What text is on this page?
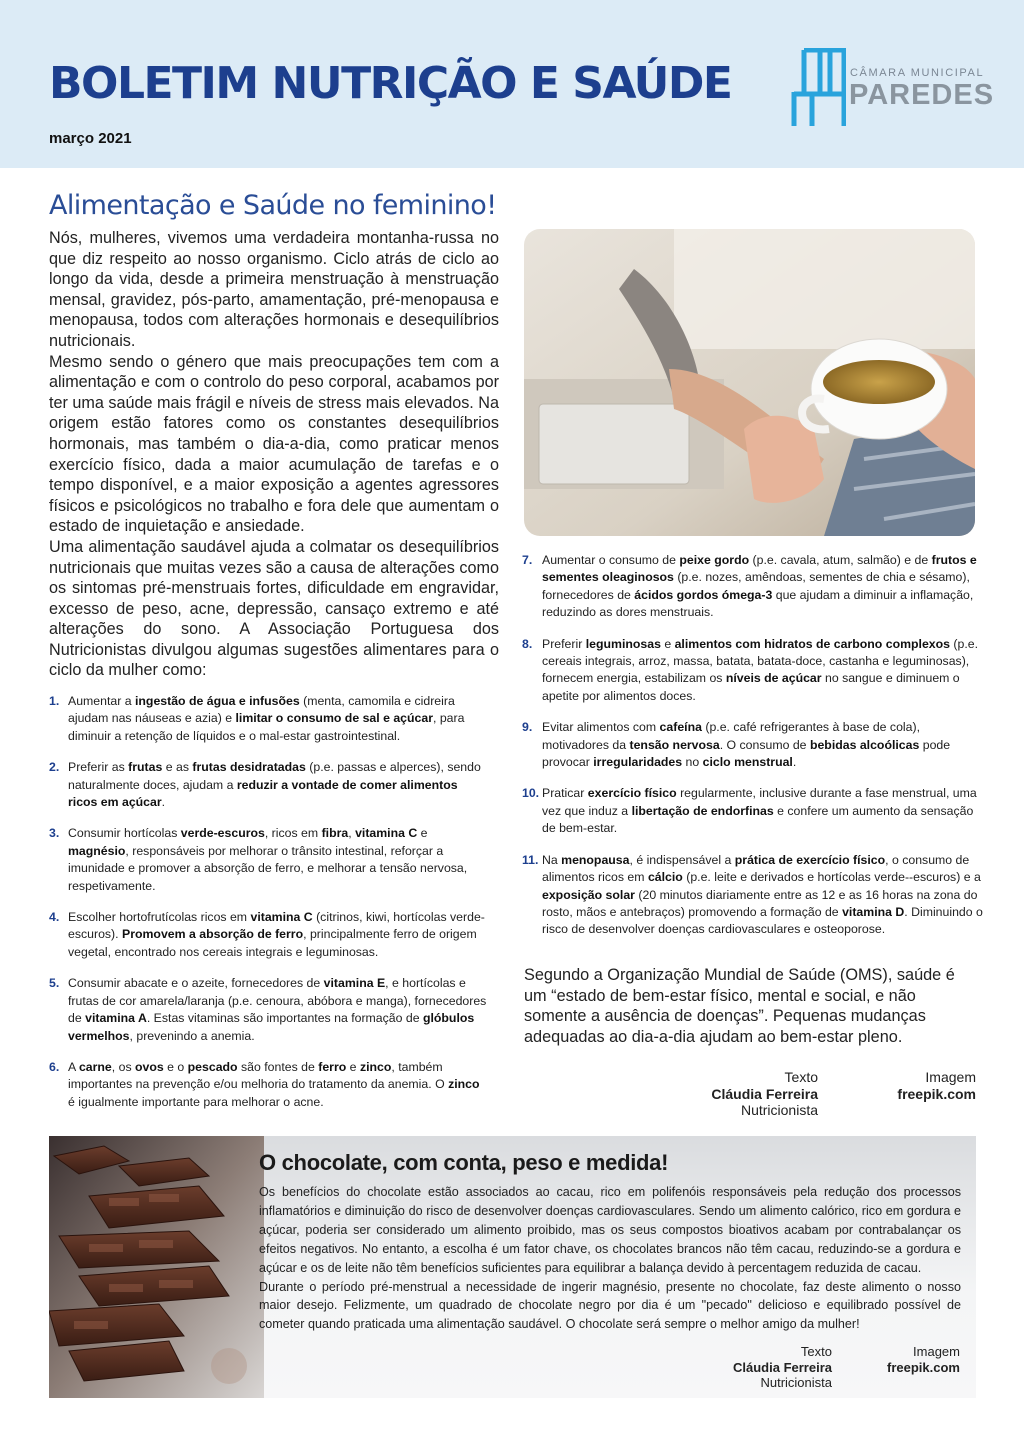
BOLETIM NUTRIÇÃO E SAÚDE
março 2021
CÂMARA MUNICIPAL
PAREDES
Alimentação e Saúde no feminino!

Nós, mulheres, vivemos uma verdadeira montanha-russa no que diz respeito ao nosso organismo. Ciclo atrás de ciclo ao longo da vida, desde a primeira menstruação à menstruação mensal, gravidez, pós-parto, amamentação, pré-menopausa e menopausa, todos com alterações hormonais e desequilíbrios nutricionais.

Mesmo sendo o género que mais preocupações tem com a alimentação e com o controlo do peso corporal, acabamos por ter uma saúde mais frágil e níveis de stress mais elevados. Na origem estão fatores como os constantes desequilíbrios hormonais, mas também o dia-a-dia, como praticar menos exercício físico, dada a maior acumulação de tarefas e o tempo disponível, e a maior exposição a agentes agressores físicos e psicológicos no trabalho e fora dele que aumentam o estado de inquietação e ansiedade.

Uma alimentação saudável ajuda a colmatar os desequilíbrios nutricionais que muitas vezes são a causa de alterações como os sintomas pré-menstruais fortes, dificuldade em engravidar, excesso de peso, acne, depressão, cansaço extremo e até alterações do sono. A Associação Portuguesa dos Nutricionistas divulgou algumas sugestões alimentares para o ciclo da mulher como:

1. Aumentar a ingestão de água e infusões (menta, camomila e cidreira ajudam nas náuseas e azia) e limitar o consumo de sal e açúcar, para diminuir a retenção de líquidos e o mal-estar gastrointestinal.
2. Preferir as frutas e as frutas desidratadas (p.e. passas e alperces), sendo naturalmente doces, ajudam a reduzir a vontade de comer alimentos ricos em açúcar.
3. Consumir hortícolas verde-escuros, ricos em fibra, vitamina C e magnésio, responsáveis por melhorar o trânsito intestinal, reforçar a imunidade e promover a absorção de ferro, e melhorar a tensão nervosa, respetivamente.
4. Escolher hortofrutícolas ricos em vitamina C (citrinos, kiwi, hortícolas verde-escuros). Promovem a absorção de ferro, principalmente ferro de origem vegetal, encontrado nos cereais integrais e leguminosas.
5. Consumir abacate e o azeite, fornecedores de vitamina E, e hortícolas e frutas de cor amarela/laranja (p.e. cenoura, abóbora e manga), fornecedores de vitamina A. Estas vitaminas são importantes na formação de glóbulos vermelhos, prevenindo a anemia.
6. A carne, os ovos e o pescado são fontes de ferro e zinco, também importantes na prevenção e/ou melhoria do tratamento da anemia. O zinco é igualmente importante para melhorar o acne.
7. Aumentar o consumo de peixe gordo (p.e. cavala, atum, salmão) e de frutos e sementes oleaginosos (p.e. nozes, amêndoas, sementes de chia e sésamo), fornecedores de ácidos gordos ómega-3 que ajudam a diminuir a inflamação, reduzindo as dores menstruais.
8. Preferir leguminosas e alimentos com hidratos de carbono complexos (p.e. cereais integrais, arroz, massa, batata, batata-doce, castanha e leguminosas), fornecem energia, estabilizam os níveis de açúcar no sangue e diminuem o apetite por alimentos doces.
9. Evitar alimentos com cafeína (p.e. café refrigerantes à base de cola), motivadores da tensão nervosa. O consumo de bebidas alcoólicas pode provocar irregularidades no ciclo menstrual.
10. Praticar exercício físico regularmente, inclusive durante a fase menstrual, uma vez que induz a libertação de endorfinas e confere um aumento da sensação de bem-estar.
11. Na menopausa, é indispensável a prática de exercício físico, o consumo de alimentos ricos em cálcio (p.e. leite e derivados e hortícolas verde--escuros) e a exposição solar (20 minutos diariamente entre as 12 e as 16 horas na zona do rosto, mãos e antebraços) promovendo a formação de vitamina D. Diminuindo o risco de desenvolver doenças cardiovasculares e osteoporose.
Segundo a Organização Mundial de Saúde (OMS), saúde é um “estado de bem-estar físico, mental e social, e não somente a ausência de doenças”. Pequenas mudanças adequadas ao dia-a-dia ajudam ao bem-estar pleno.
Texto
Cláudia Ferreira
Nutricionista
Imagem
freepik.com
O chocolate, com conta, peso e medida!

Os benefícios do chocolate estão associados ao cacau, rico em polifenóis responsáveis pela redução dos processos inflamatórios e diminuição do risco de desenvolver doenças cardiovasculares. Sendo um alimento calórico, rico em gordura e açúcar, poderia ser considerado um alimento proibido, mas os seus compostos bioativos acabam por contrabalançar os efeitos negativos. No entanto, a escolha é um fator chave, os chocolates brancos não têm cacau, reduzindo-se a gordura e açúcar e os de leite não têm benefícios suficientes para equilibrar a balança devido à percentagem reduzida de cacau.

Durante o período pré-menstrual a necessidade de ingerir magnésio, presente no chocolate, faz deste alimento o nosso maior desejo. Felizmente, um quadrado de chocolate negro por dia é um "pecado" delicioso e equilibrado possível de cometer quando praticada uma alimentação saudável. O chocolate será sempre o melhor amigo da mulher!

Texto
Cláudia Ferreira
Nutricionista
Imagem
freepik.com
